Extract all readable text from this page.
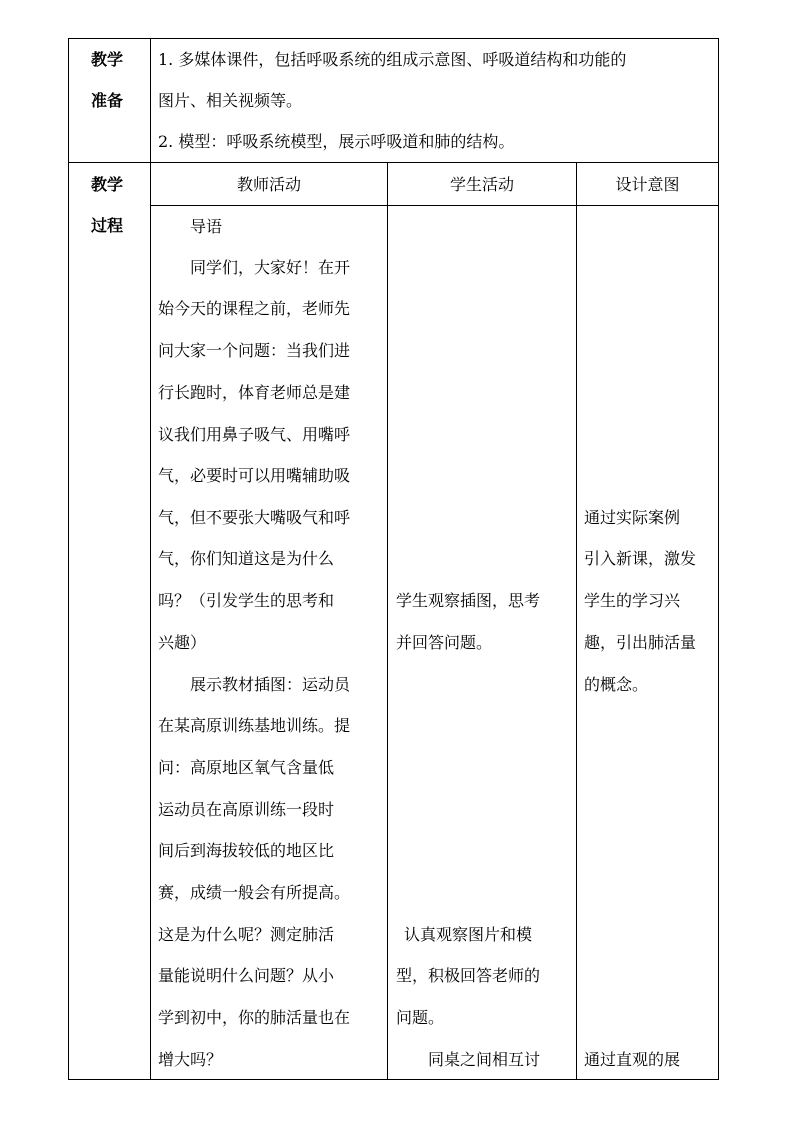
教学
准备
1. 多媒体课件，包括呼吸系统的组成示意图、呼吸道结构和功能的
图片、相关视频等。
2. 模型：呼吸系统模型，展示呼吸道和肺的结构。
教学
过程
教师活动	学生活动	设计意图
导语
同学们，大家好！在开
始今天的课程之前，老师先
问大家一个问题：当我们进
行长跑时，体育老师总是建
议我们用鼻子吸气、用嘴呼
气，必要时可以用嘴辅助吸
气，但不要张大嘴吸气和呼
气，你们知道这是为什么
吗？（引发学生的思考和
兴趣）
展示教材插图：运动员
在某高原训练基地训练。提
问：高原地区氧气含量低
运动员在高原训练一段时
间后到海拔较低的地区比
赛，成绩一般会有所提高。
这是为什么呢？测定肺活
量能说明什么问题？从小
学到初中，你的肺活量也在
增大吗？
学生观察插图，思考
并回答问题。
认真观察图片和模
型，积极回答老师的
问题。
同桌之间相互讨
通过实际案例
引入新课，激发
学生的学习兴
趣，引出肺活量
的概念。
通过直观的展
